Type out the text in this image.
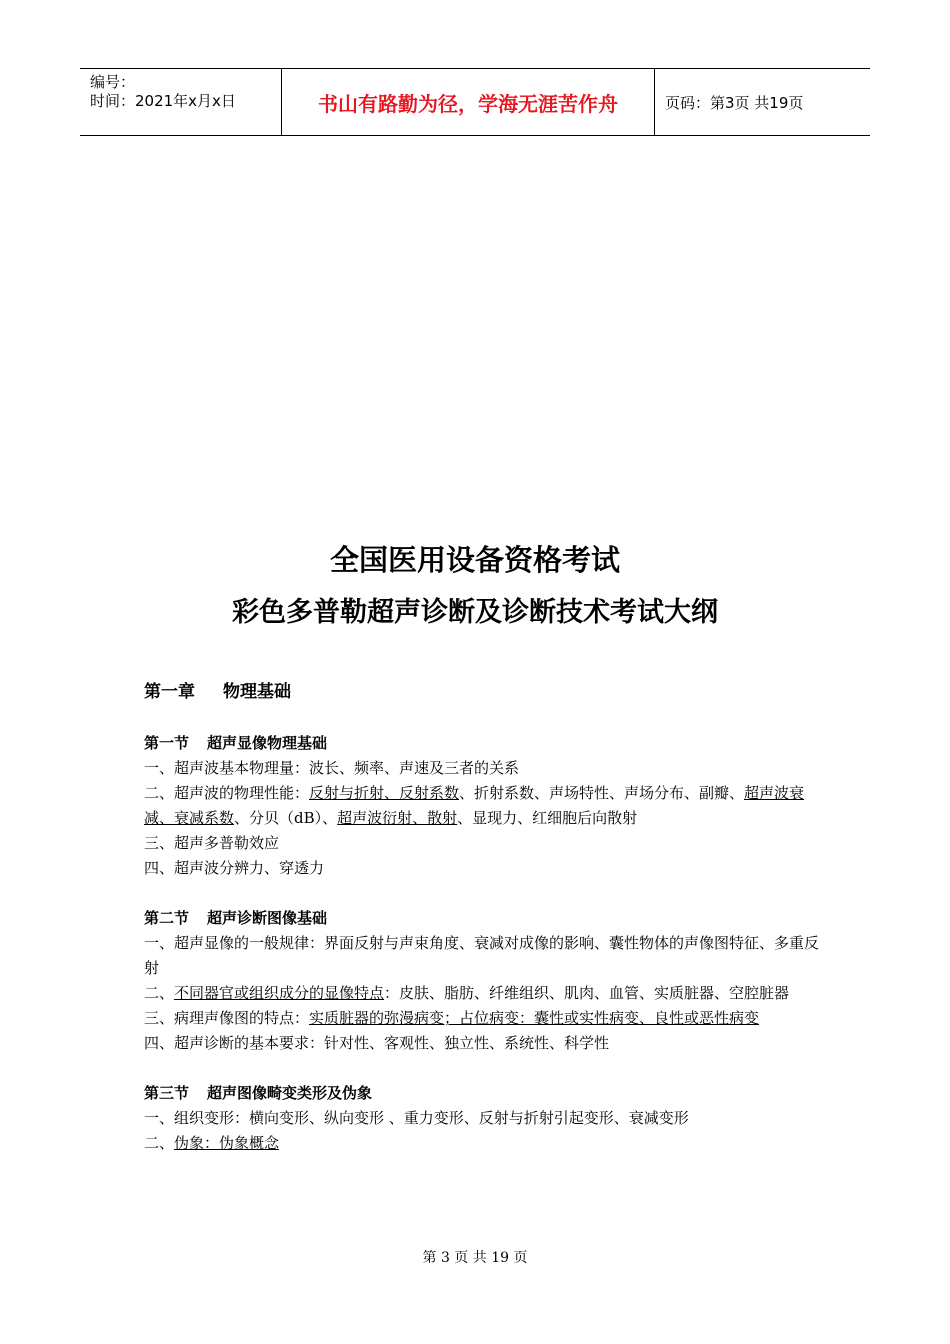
编号：
时间：2021年x月x日	书山有路勤为径，学海无涯苦作舟	页码：第3页 共19页
全国医用设备资格考试
彩色多普勒超声诊断及诊断技术考试大纲
第一章 物理基础
第一节 超声显像物理基础
一、超声波基本物理量：波长、频率、声速及三者的关系
二、超声波的物理性能：反射与折射、反射系数、折射系数、声场特性、声场分布、副瓣、超声波衰减、衰减系数、分贝（dB）、超声波衍射、散射、显现力、红细胞后向散射
三、超声多普勒效应
四、超声波分辨力、穿透力
第二节 超声诊断图像基础
一、超声显像的一般规律：界面反射与声束角度、衰减对成像的影响、囊性物体的声像图特征、多重反射
二、不同器官或组织成分的显像特点：皮肤、脂肪、纤维组织、肌肉、血管、实质脏器、空腔脏器
三、病理声像图的特点：实质脏器的弥漫病变；占位病变：囊性或实性病变、良性或恶性病变
四、超声诊断的基本要求：针对性、客观性、独立性、系统性、科学性
第三节 超声图像畸变类形及伪象
一、组织变形：横向变形、纵向变形 、重力变形、反射与折射引起变形、衰减变形
二、伪象：伪象概念
第 3 页 共 19 页
